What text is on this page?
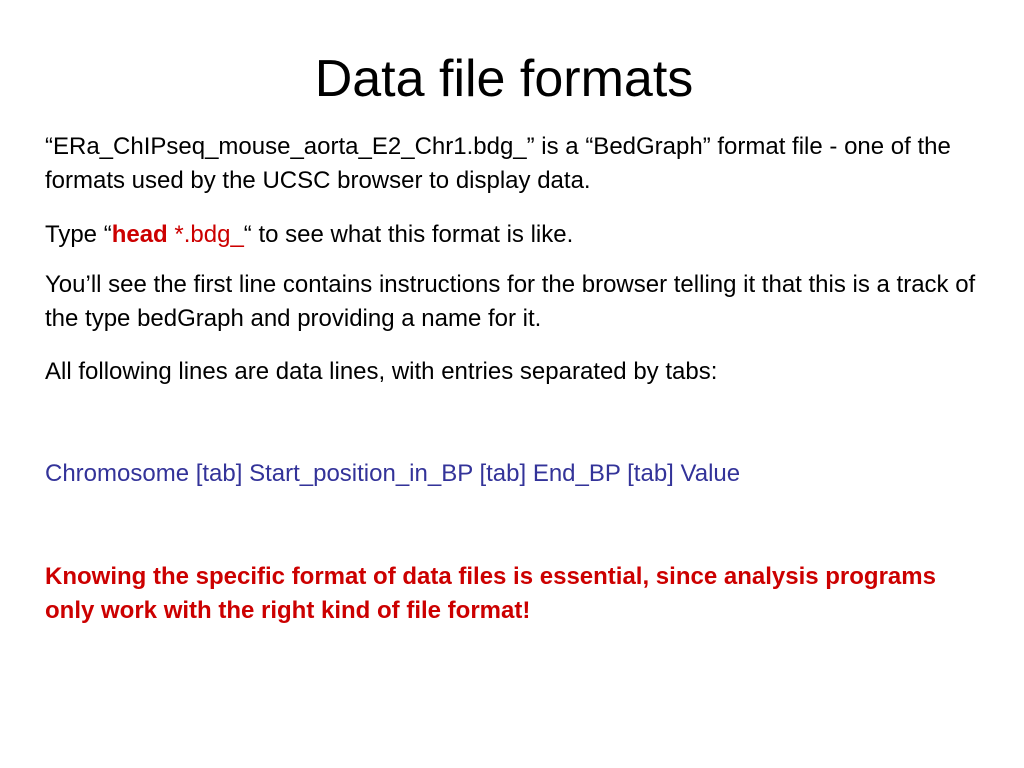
Data file formats

“ERa_ChIPseq_mouse_aorta_E2_Chr1.bdg_” is a “BedGraph” format file - one of the formats used by the UCSC browser to display data.

Type “head *.bdg_“ to see what this format is like.

You’ll see the first line contains instructions for the browser telling it that this is a track of the type bedGraph and providing a name for it.

All following lines are data lines, with entries separated by tabs:

Chromosome [tab] Start_position_in_BP [tab] End_BP [tab] Value

Knowing the specific format of data files is essential, since analysis programs only work with the right kind of file format!
